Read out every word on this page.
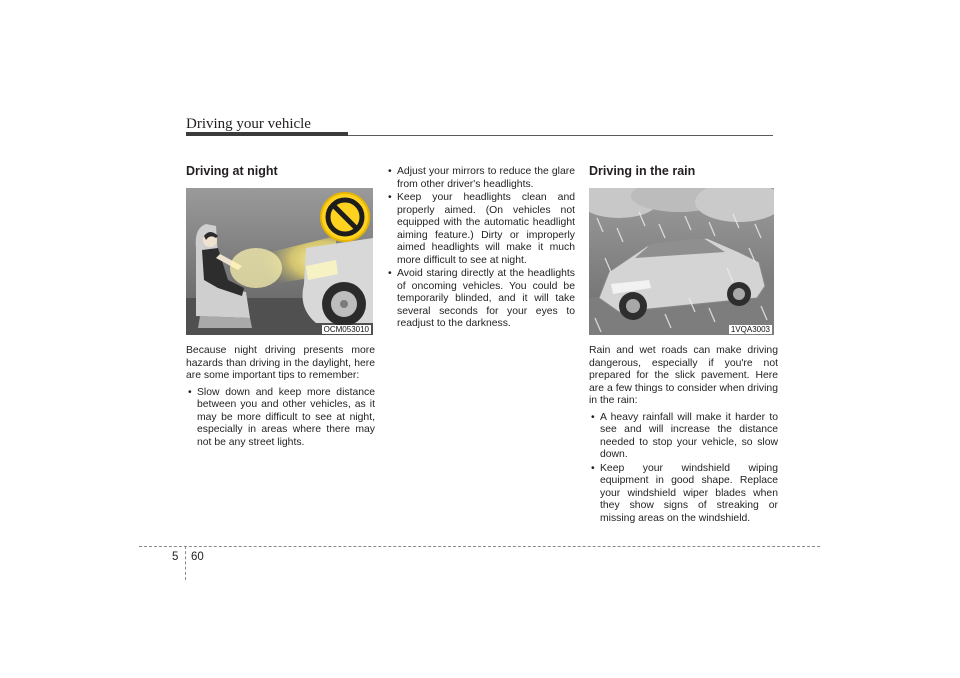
Driving your vehicle
Driving at night
OCM053010

Because night driving presents more hazards than driving in the daylight, here are some important tips to remember:

• Slow down and keep more distance between you and other vehicles, as it may be more difficult to see at night, especially in areas where there may not be any street lights.
• Adjust your mirrors to reduce the glare from other driver's headlights.
• Keep your headlights clean and properly aimed. (On vehicles not equipped with the automatic headlight aiming feature.) Dirty or improperly aimed headlights will make it much more difficult to see at night.
• Avoid staring directly at the headlights of oncoming vehicles. You could be temporarily blinded, and it will take several seconds for your eyes to readjust to the darkness.
Driving in the rain
1VQA3003

Rain and wet roads can make driving dangerous, especially if you're not prepared for the slick pavement. Here are a few things to consider when driving in the rain:

• A heavy rainfall will make it harder to see and will increase the distance needed to stop your vehicle, so slow down.
• Keep your windshield wiping equipment in good shape. Replace your windshield wiper blades when they show signs of streaking or missing areas on the windshield.
5 60
